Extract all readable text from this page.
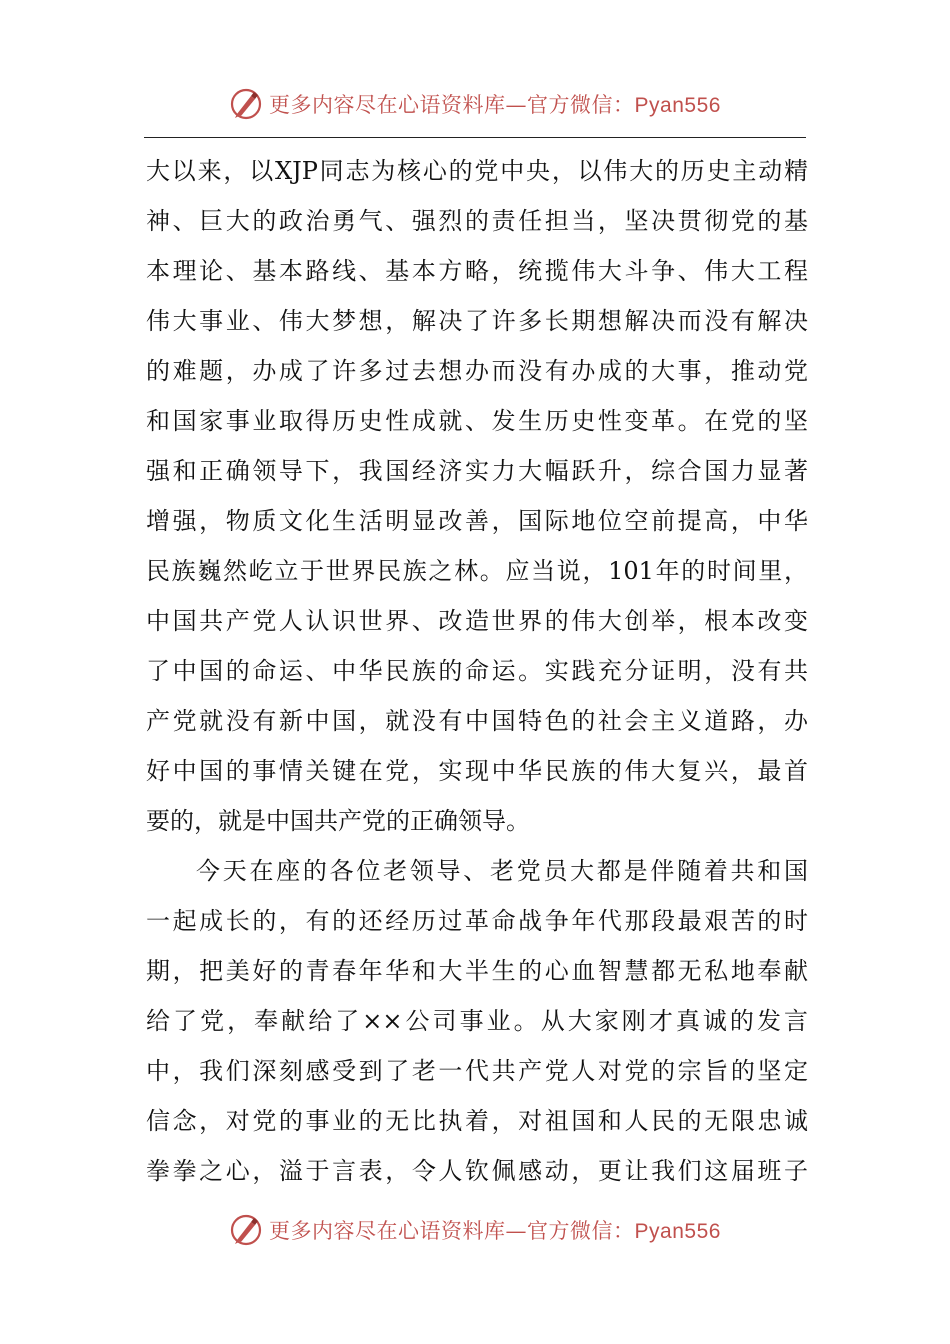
更多内容尽在心语资料库—官方微信：Pyan556
大以来，以XJP同志为核心的党中央，以伟大的历史主动精
神、巨大的政治勇气、强烈的责任担当，坚决贯彻党的基
本理论、基本路线、基本方略，统揽伟大斗争、伟大工程
伟大事业、伟大梦想，解决了许多长期想解决而没有解决
的难题，办成了许多过去想办而没有办成的大事，推动党
和国家事业取得历史性成就、发生历史性变革。在党的坚
强和正确领导下，我国经济实力大幅跃升，综合国力显著
增强，物质文化生活明显改善，国际地位空前提高，中华
民族巍然屹立于世界民族之林。应当说，101年的时间里，
中国共产党人认识世界、改造世界的伟大创举，根本改变
了中国的命运、中华民族的命运。实践充分证明，没有共
产党就没有新中国，就没有中国特色的社会主义道路，办
好中国的事情关键在党，实现中华民族的伟大复兴，最首
要的，就是中国共产党的正确领导。
今天在座的各位老领导、老党员大都是伴随着共和国
一起成长的，有的还经历过革命战争年代那段最艰苦的时
期，把美好的青春年华和大半生的心血智慧都无私地奉献
给了党，奉献给了××公司事业。从大家刚才真诚的发言
中，我们深刻感受到了老一代共产党人对党的宗旨的坚定
信念，对党的事业的无比执着，对祖国和人民的无限忠诚
拳拳之心，溢于言表，令人钦佩感动，更让我们这届班子
更多内容尽在心语资料库—官方微信：Pyan556
